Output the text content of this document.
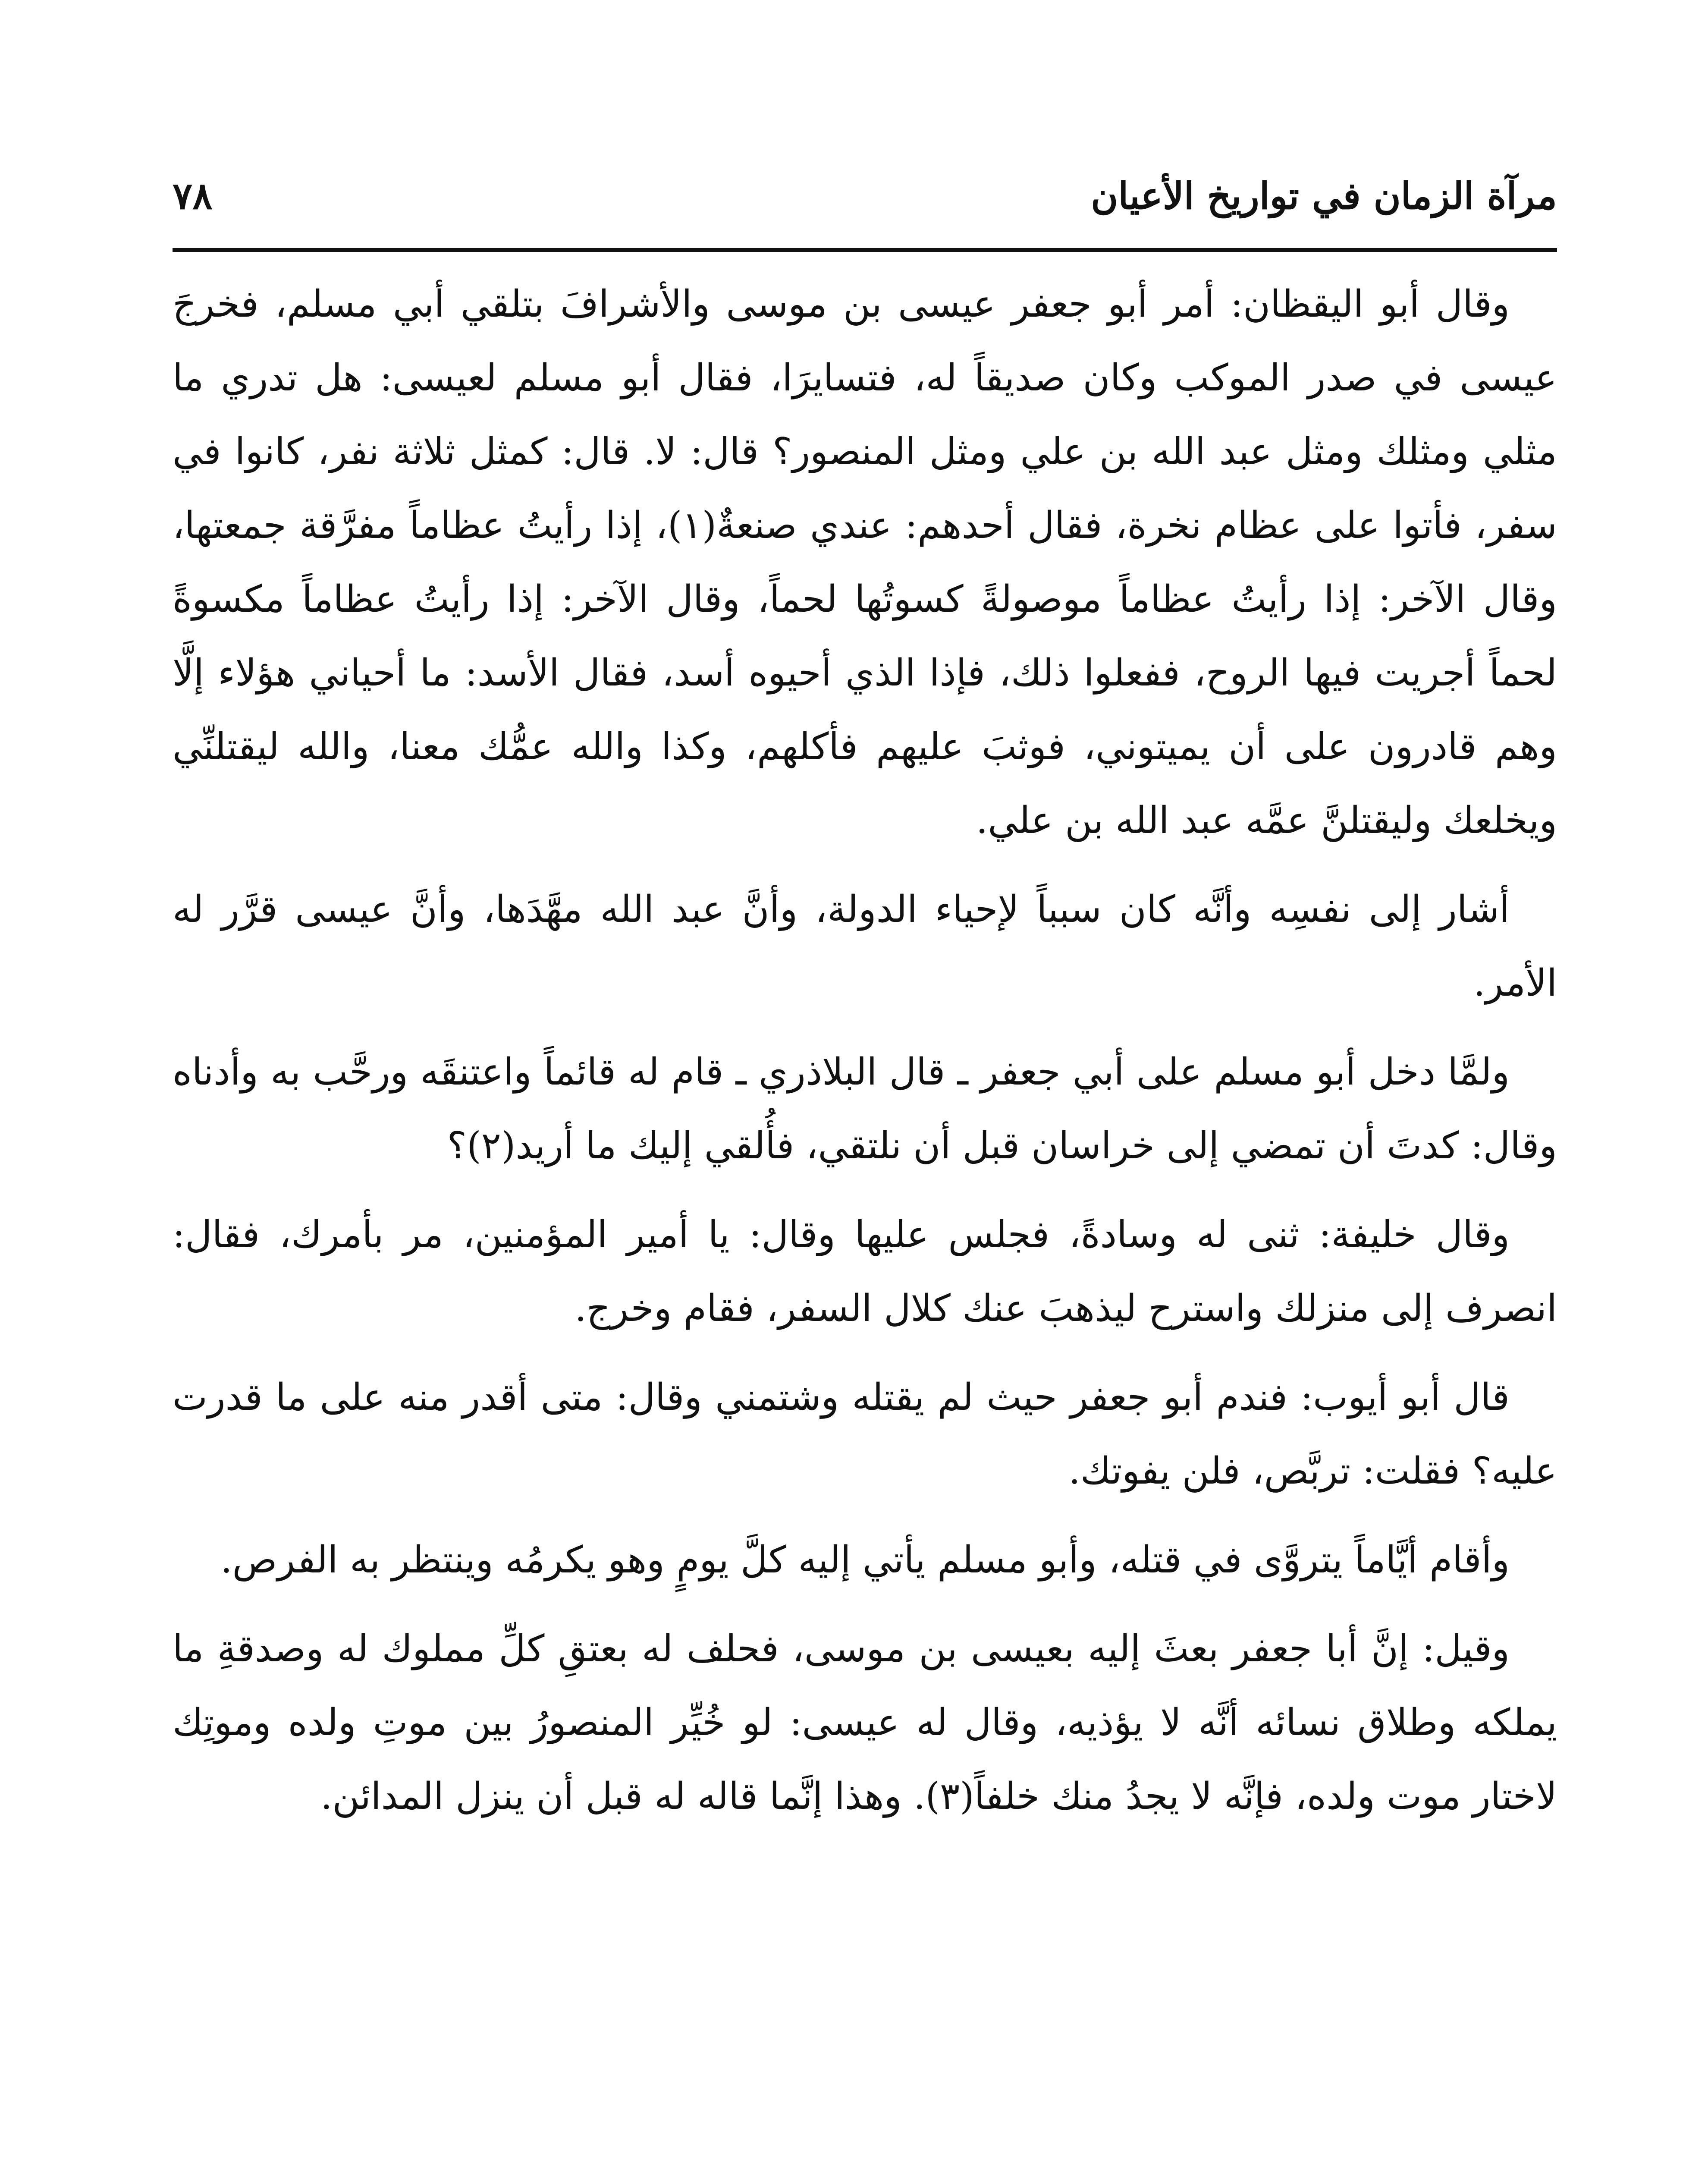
مرآة الزمان في تواريخ الأعيان
٧٨

وقال أبو اليقظان: أمر أبو جعفر عيسى بن موسى والأشرافَ بتلقي أبي مسلم، فخرجَ عيسى في صدر الموكب وكان صديقاً له، فتسايرَا، فقال أبو مسلم لعيسى: هل تدري ما مثلي ومثلك ومثل عبد الله بن علي ومثل المنصور؟ قال: لا. قال: كمثل ثلاثة نفر، كانوا في سفر، فأتوا على عظام نخرة، فقال أحدهم: عندي صنعةٌ(١)، إذا رأيتُ عظاماً مفرَّقة جمعتها، وقال الآخر: إذا رأيتُ عظاماً موصولةً كسوتُها لحماً، وقال الآخر: إذا رأيتُ عظاماً مكسوةً لحماً أجريت فيها الروح، ففعلوا ذلك، فإذا الذي أحيوه أسد، فقال الأسد: ما أحياني هؤلاء إلَّا وهم قادرون على أن يميتوني، فوثبَ عليهم فأكلهم، وكذا والله عمُّك معنا، والله ليقتلنِّي ويخلعك وليقتلنَّ عمَّه عبد الله بن علي.

أشار إلى نفسِه وأنَّه كان سبباً لإحياء الدولة، وأنَّ عبد الله مهَّدَها، وأنَّ عيسى قرَّر له الأمر.

ولمَّا دخل أبو مسلم على أبي جعفر ـ قال البلاذري ـ قام له قائماً واعتنقَه ورحَّب به وأدناه وقال: كدتَ أن تمضي إلى خراسان قبل أن نلتقي، فأُلقي إليك ما أريد(٢)؟

وقال خليفة: ثنى له وسادةً، فجلس عليها وقال: يا أمير المؤمنين، مر بأمرك، فقال: انصرف إلى منزلك واسترح ليذهبَ عنك كلال السفر، فقام وخرج.

قال أبو أيوب: فندم أبو جعفر حيث لم يقتله وشتمني وقال: متى أقدر منه على ما قدرت عليه؟ فقلت: تربَّص، فلن يفوتك.

وأقام أيَّاماً يتروَّى في قتله، وأبو مسلم يأتي إليه كلَّ يومٍ وهو يكرمُه وينتظر به الفرص.

وقيل: إنَّ أبا جعفر بعثَ إليه بعيسى بن موسى، فحلف له بعتقِ كلِّ مملوك له وصدقةِ ما يملكه وطلاق نسائه أنَّه لا يؤذيه، وقال له عيسى: لو خُيِّر المنصورُ بين موتِ ولده وموتِك لاختار موت ولده، فإنَّه لا يجدُ منك خلفاً(٣). وهذا إنَّما قاله له قبل أن ينزل المدائن.
